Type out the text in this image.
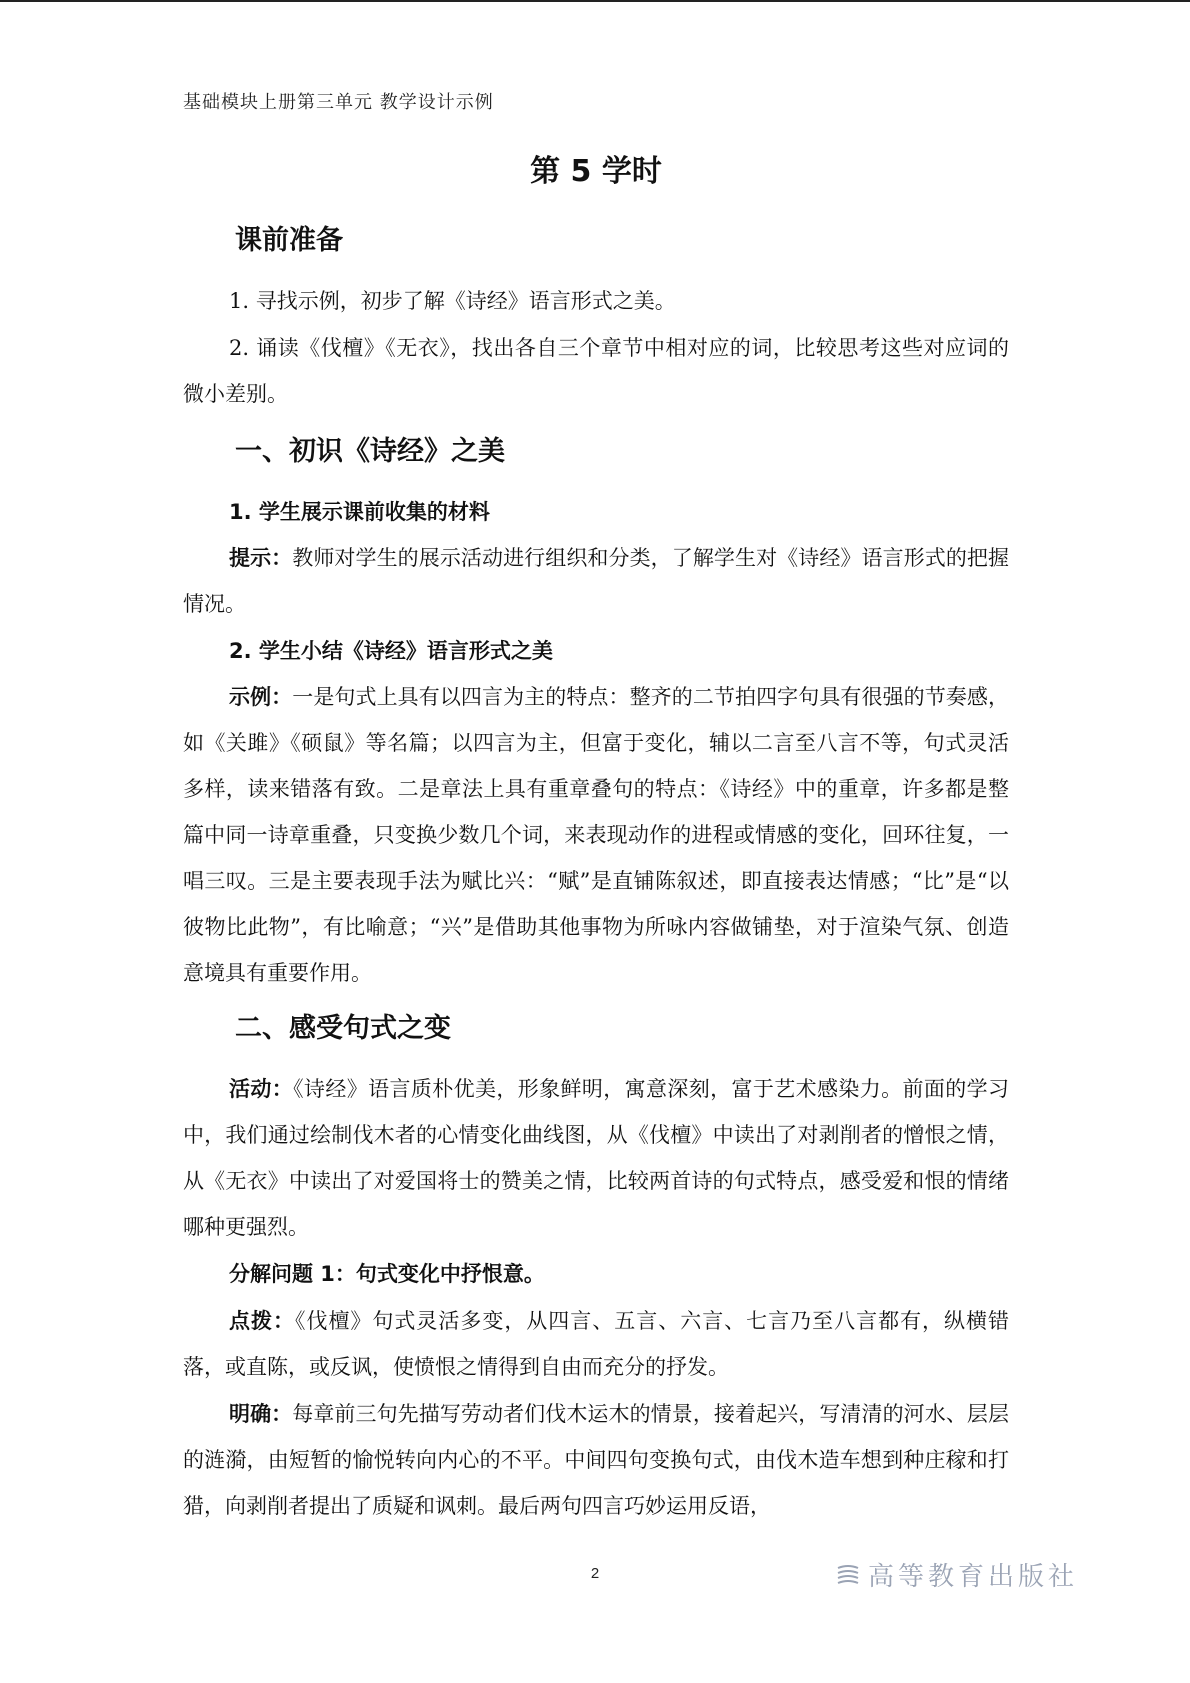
基础模块上册第三单元 教学设计示例
第 5 学时
课前准备

1. 寻找示例，初步了解《诗经》语言形式之美。

2. 诵读《伐檀》《无衣》，找出各自三个章节中相对应的词，比较思考这些对应词的微小差别。

一、初识《诗经》之美
1. 学生展示课前收集的材料

提示：教师对学生的展示活动进行组织和分类，了解学生对《诗经》语言形式的把握情况。

2. 学生小结《诗经》语言形式之美

示例：一是句式上具有以四言为主的特点：整齐的二节拍四字句具有很强的节奏感，如《关雎》《硕鼠》等名篇；以四言为主，但富于变化，辅以二言至八言不等，句式灵活多样，读来错落有致。二是章法上具有重章叠句的特点：《诗经》中的重章，许多都是整篇中同一诗章重叠，只变换少数几个词，来表现动作的进程或情感的变化，回环往复，一唱三叹。三是主要表现手法为赋比兴：“赋”是直铺陈叙述，即直接表达情感；“比”是“以彼物比此物”，有比喻意；“兴”是借助其他事物为所咏内容做铺垫，对于渲染气氛、创造意境具有重要作用。

二、感受句式之变

活动：《诗经》语言质朴优美，形象鲜明，寓意深刻，富于艺术感染力。前面的学习中，我们通过绘制伐木者的心情变化曲线图，从《伐檀》中读出了对剥削者的憎恨之情，从《无衣》中读出了对爱国将士的赞美之情，比较两首诗的句式特点，感受爱和恨的情绪哪种更强烈。

分解问题 1：句式变化中抒恨意。

点拨：《伐檀》句式灵活多变，从四言、五言、六言、七言乃至八言都有，纵横错落，或直陈，或反讽，使愤恨之情得到自由而充分的抒发。

明确：每章前三句先描写劳动者们伐木运木的情景，接着起兴，写清清的河水、层层的涟漪，由短暂的愉悦转向内心的不平。中间四句变换句式，由伐木造车想到种庄稼和打猎，向剥削者提出了质疑和讽刺。最后两句四言巧妙运用反语，

2	高等教育出版社
